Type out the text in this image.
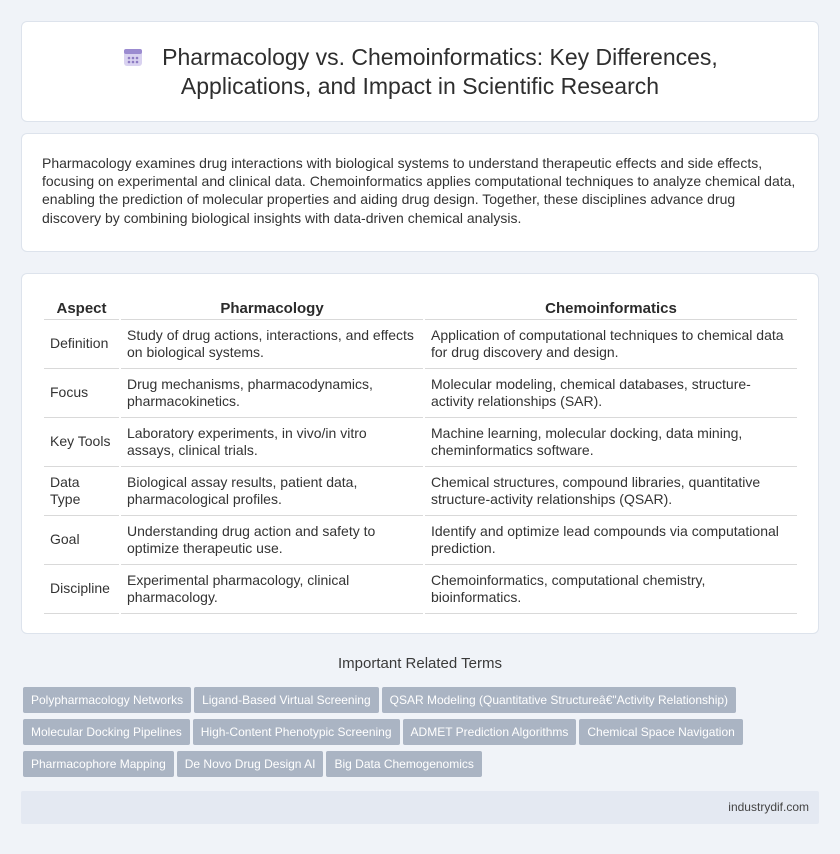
Pharmacology vs. Chemoinformatics: Key Differences, Applications, and Impact in Scientific Research

Pharmacology examines drug interactions with biological systems to understand therapeutic effects and side effects, focusing on experimental and clinical data. Chemoinformatics applies computational techniques to analyze chemical data, enabling the prediction of molecular properties and aiding drug design. Together, these disciplines advance drug discovery by combining biological insights with data-driven chemical analysis.

Aspect	Pharmacology	Chemoinformatics
Definition	Study of drug actions, interactions, and effects on biological systems.	Application of computational techniques to chemical data for drug discovery and design.
Focus	Drug mechanisms, pharmacodynamics, pharmacokinetics.	Molecular modeling, chemical databases, structure-activity relationships (SAR).
Key Tools	Laboratory experiments, in vivo/in vitro assays, clinical trials.	Machine learning, molecular docking, data mining, cheminformatics software.
Data Type	Biological assay results, patient data, pharmacological profiles.	Chemical structures, compound libraries, quantitative structure-activity relationships (QSAR).
Goal	Understanding drug action and safety to optimize therapeutic use.	Identify and optimize lead compounds via computational prediction.
Discipline	Experimental pharmacology, clinical pharmacology.	Chemoinformatics, computational chemistry, bioinformatics.
Important Related Terms
Polypharmacology Networks Ligand-Based Virtual Screening QSAR Modeling (Quantitative Structureâ€"Activity Relationship)
Molecular Docking Pipelines High-Content Phenotypic Screening ADMET Prediction Algorithms Chemical Space Navigation
Pharmacophore Mapping De Novo Drug Design AI Big Data Chemogenomics
industrydif.com
